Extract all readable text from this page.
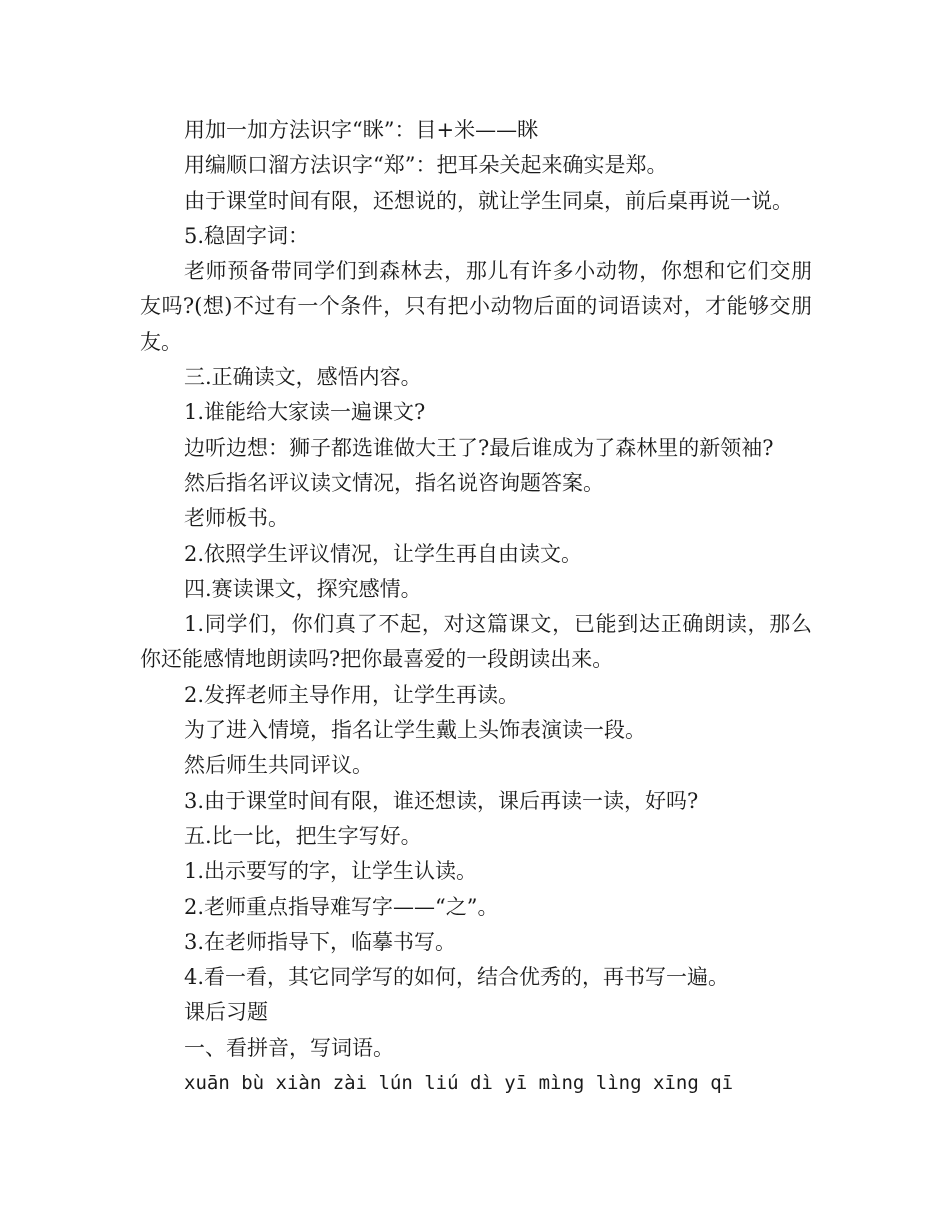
用加一加方法识字“眯”：目+米——眯

用编顺口溜方法识字“郑”：把耳朵关起来确实是郑。

由于课堂时间有限，还想说的，就让学生同桌，前后桌再说一说。

5.稳固字词：

老师预备带同学们到森林去，那儿有许多小动物，你想和它们交朋友吗?(想)不过有一个条件，只有把小动物后面的词语读对，才能够交朋友。

三.正确读文，感悟内容。

1.谁能给大家读一遍课文?

边听边想：狮子都选谁做大王了?最后谁成为了森林里的新领袖?

然后指名评议读文情况，指名说咨询题答案。

老师板书。

2.依照学生评议情况，让学生再自由读文。

四.赛读课文，探究感情。

1.同学们，你们真了不起，对这篇课文，已能到达正确朗读，那么你还能感情地朗读吗?把你最喜爱的一段朗读出来。

2.发挥老师主导作用，让学生再读。

为了进入情境，指名让学生戴上头饰表演读一段。

然后师生共同评议。

3.由于课堂时间有限，谁还想读，课后再读一读，好吗?

五.比一比，把生字写好。

1.出示要写的字，让学生认读。

2.老师重点指导难写字——“之”。

3.在老师指导下，临摹书写。

4.看一看，其它同学写的如何，结合优秀的，再书写一遍。

课后习题

一、看拼音，写词语。

xuān bù xiàn zài lún liú dì yī mìng lìng xīng qī
